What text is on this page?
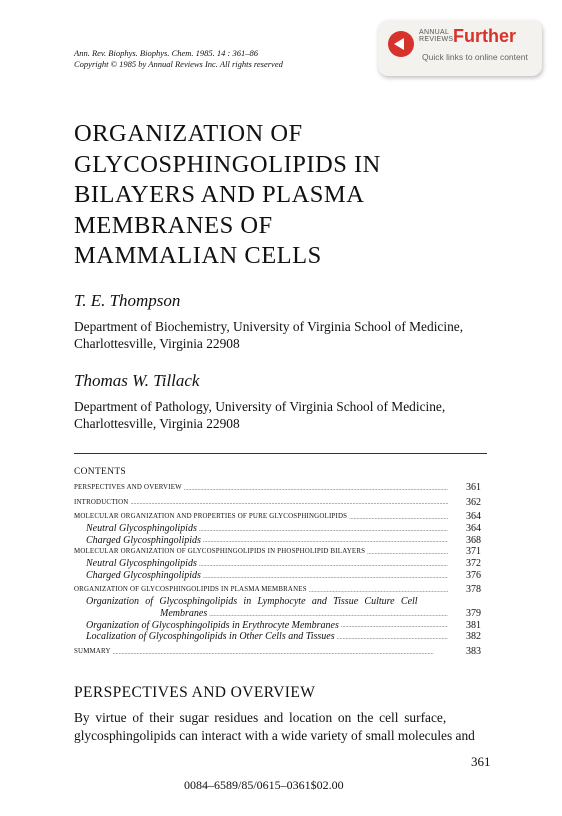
Ann. Rev. Biophys. Biophys. Chem. 1985. 14 : 361–86
Copyright © 1985 by Annual Reviews Inc. All rights reserved
ANNUAL
REVIEWS Further
Quick links to online content
ORGANIZATION OF
GLYCOSPHINGOLIPIDS IN
BILAYERS AND PLASMA
MEMBRANES OF
MAMMALIAN CELLS
T. E. Thompson
Department of Biochemistry, University of Virginia School of Medicine,
Charlottesville, Virginia 22908
Thomas W. Tillack
Department of Pathology, University of Virginia School of Medicine,
Charlottesville, Virginia 22908
CONTENTS
PERSPECTIVES AND OVERVIEW .....	361
INTRODUCTION .....	362
MOLECULAR ORGANIZATION AND PROPERTIES OF PURE GLYCOSPHINGOLIPIDS .....	364
Neutral Glycosphingolipids .....	364
Charged Glycosphingolipids .....	368
MOLECULAR ORGANIZATION OF GLYCOSPHINGOLIPIDS IN PHOSPHOLIPID BILAYERS .....	371
Neutral Glycosphingolipids .....	372
Charged Glycosphingolipids .....	376
ORGANIZATION OF GLYCOSPHINGOLIPIDS IN PLASMA MEMBRANES .....	378
Organization of Glycosphingolipids in Lymphocyte and Tissue Culture Cell
Membranes .....	379
Organization of Glycosphingolipids in Erythrocyte Membranes .....	381
Localization of Glycosphingolipids in Other Cells and Tissues .....	382
SUMMARY .....	383
PERSPECTIVES AND OVERVIEW
By virtue of their sugar residues and location on the cell surface,
glycosphingolipids can interact with a wide variety of small molecules and
361
0084–6589/85/0615–0361$02.00
